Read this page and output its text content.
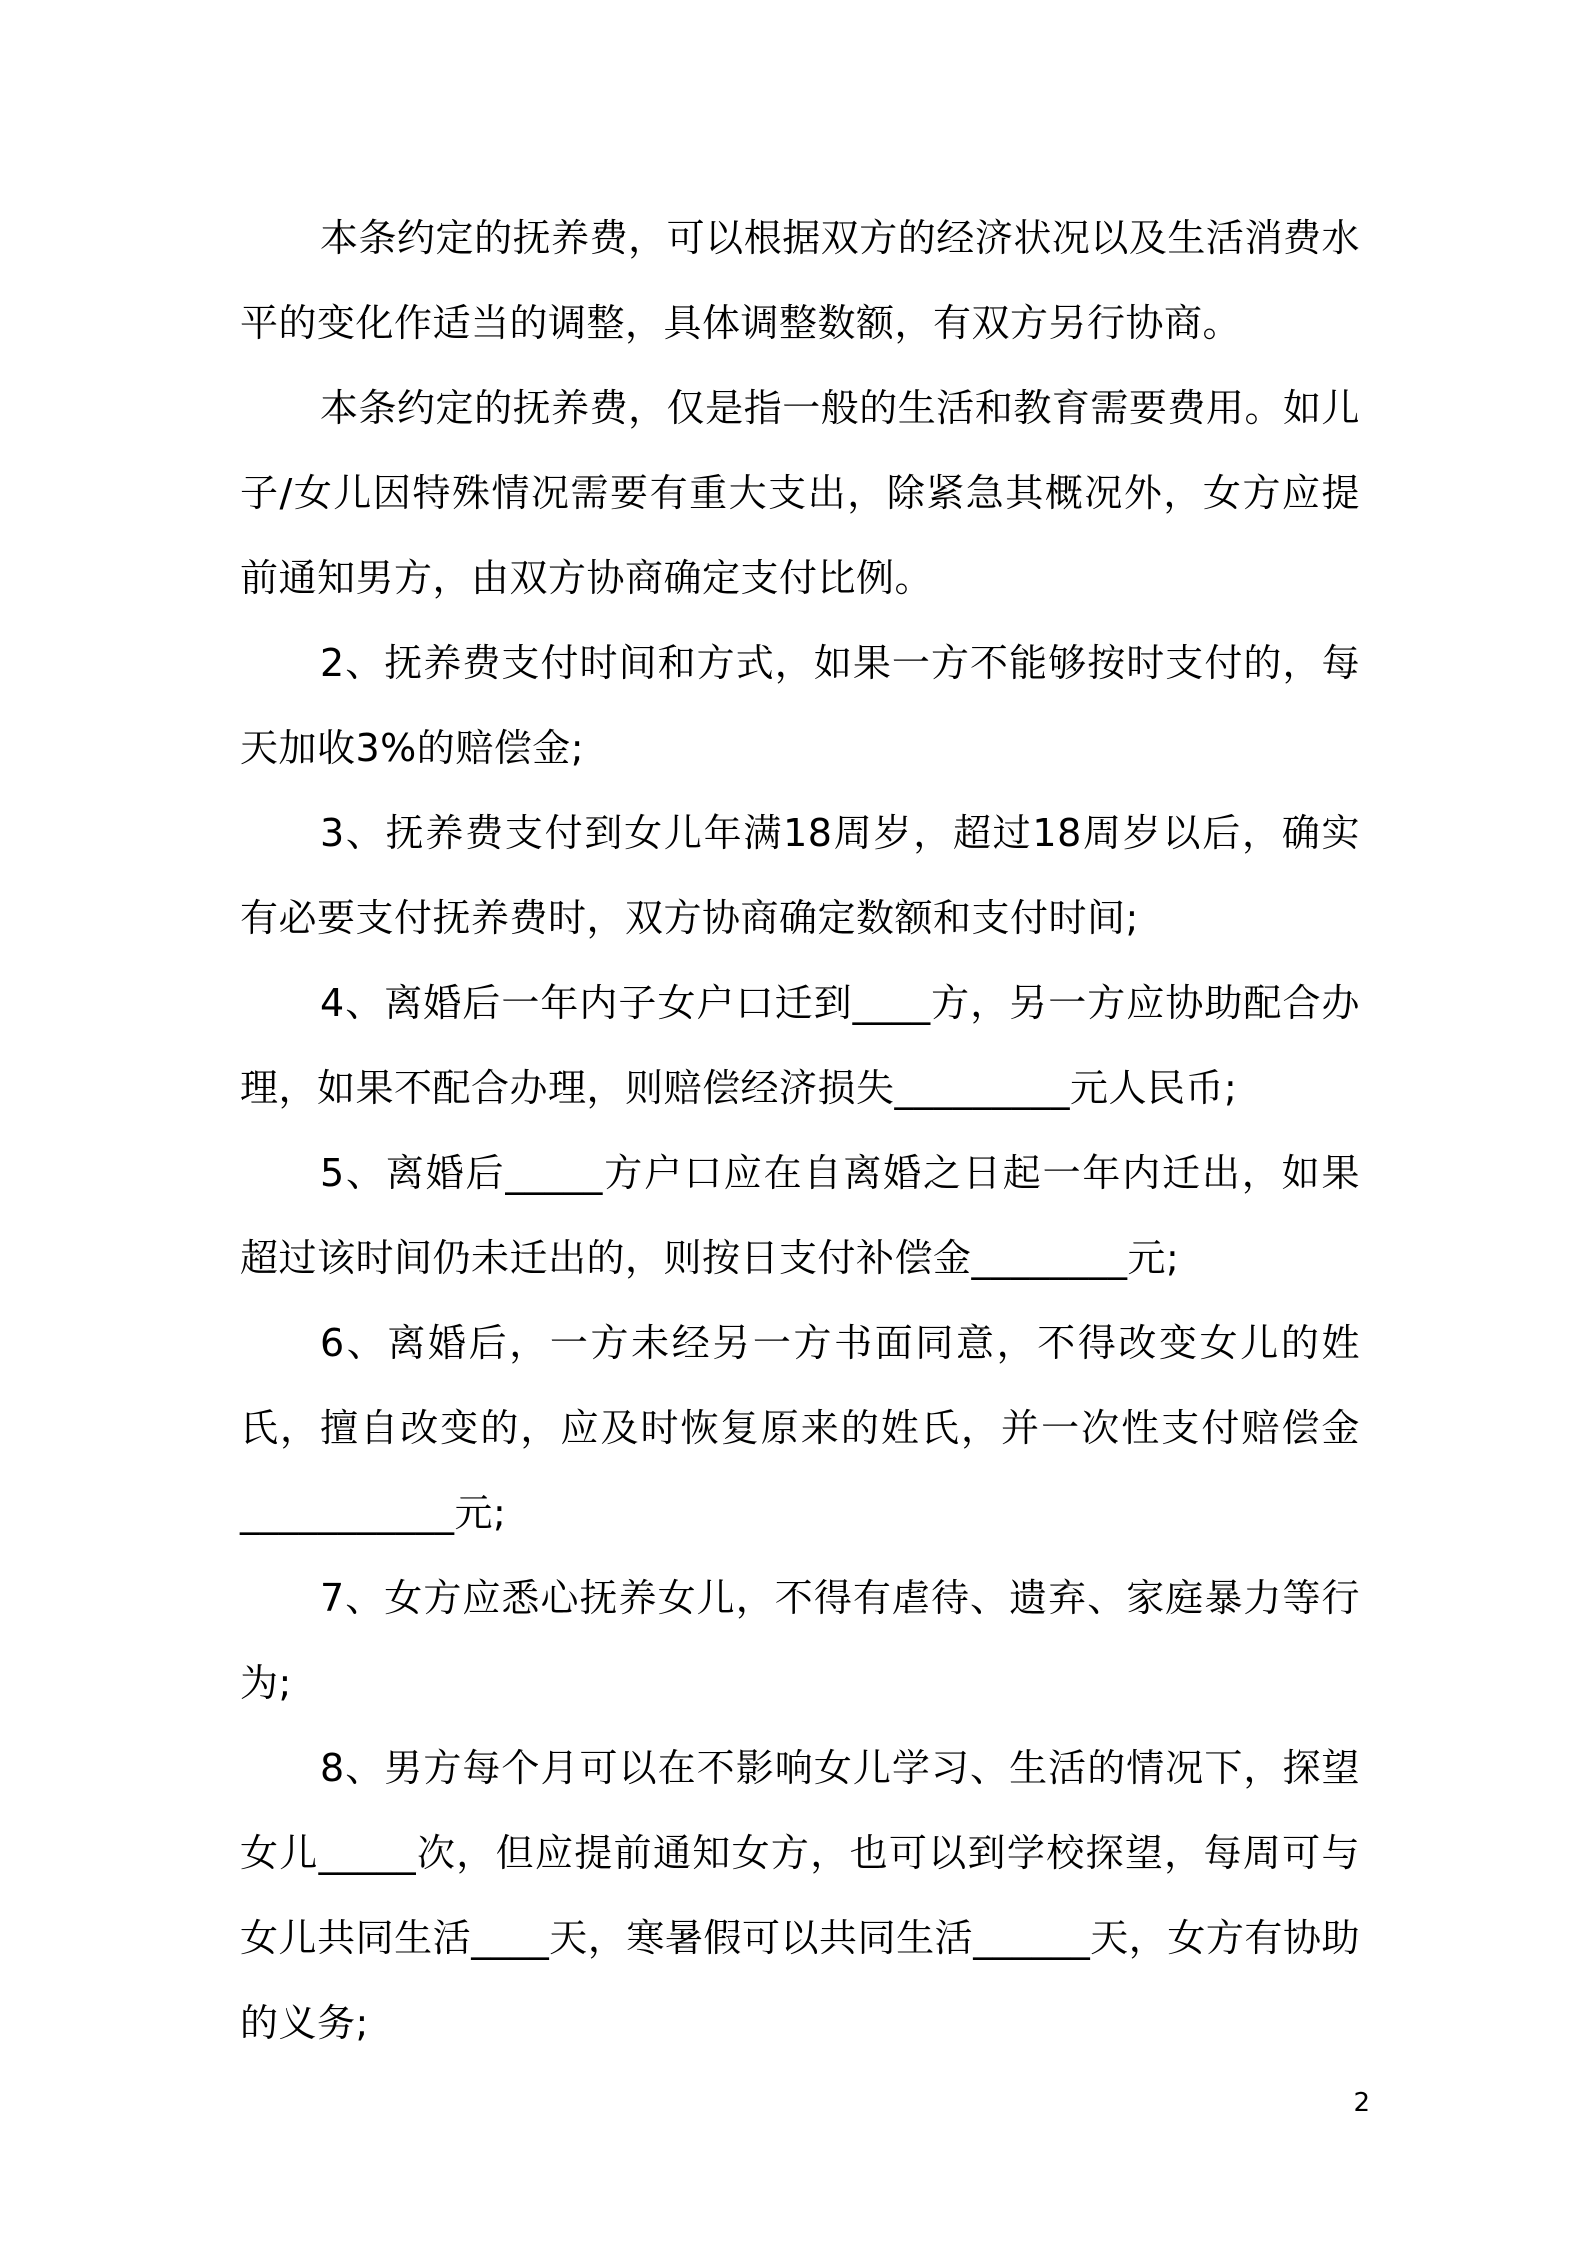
本条约定的抚养费，可以根据双方的经济状况以及生活消费水平的变化作适当的调整，具体调整数额，有双方另行协商。

本条约定的抚养费，仅是指一般的生活和教育需要费用。如儿子/女儿因特殊情况需要有重大支出，除紧急其概况外，女方应提前通知男方，由双方协商确定支付比例。

2、抚养费支付时间和方式，如果一方不能够按时支付的，每天加收3%的赔偿金;

3、抚养费支付到女儿年满18周岁，超过18周岁以后，确实有必要支付抚养费时，双方协商确定数额和支付时间;

4、离婚后一年内子女户口迁到____方，另一方应协助配合办理，如果不配合办理，则赔偿经济损失_________元人民币;

5、离婚后_____方户口应在自离婚之日起一年内迁出，如果超过该时间仍未迁出的，则按日支付补偿金________元;

6、离婚后，一方未经另一方书面同意，不得改变女儿的姓氏，擅自改变的，应及时恢复原来的姓氏，并一次性支付赔偿金___________元;

7、女方应悉心抚养女儿，不得有虐待、遗弃、家庭暴力等行为;

8、男方每个月可以在不影响女儿学习、生活的情况下，探望女儿_____次，但应提前通知女方，也可以到学校探望，每周可与女儿共同生活____天，寒暑假可以共同生活______天，女方有协助的义务;

2
